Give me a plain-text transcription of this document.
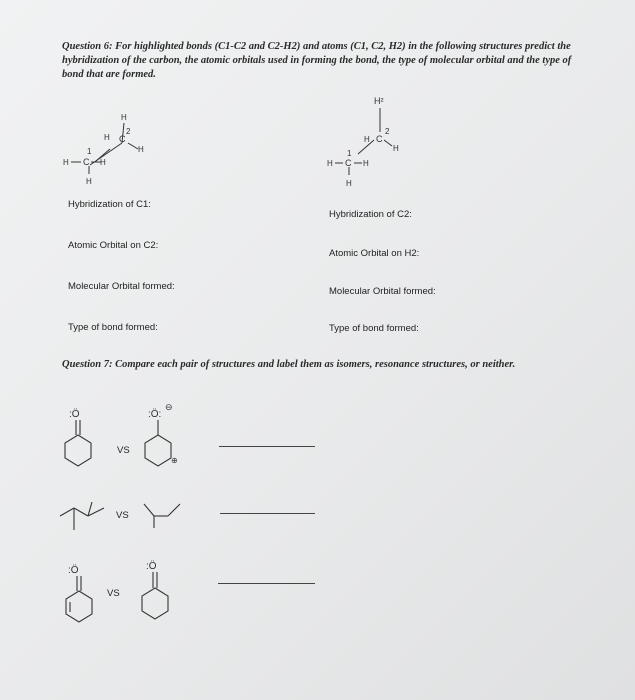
Question 6: For highlighted bonds (C1-C2 and C2-H2) and atoms (C1, C2, H2) in the following structures predict the hybridization of the carbon, the atomic orbitals used in forming the bond, the type of molecular orbital and the type of bond that are formed.
H
H C
2
H
H C
1
H
H
H²
H C
2
H
H C
1
H
H
Hybridization of C1:
Atomic Orbital on C2:
Molecular Orbital formed:
Type of bond formed:
Hybridization of C2:
Atomic Orbital on H2:
Molecular Orbital formed:
Type of bond formed:
Question 7: Compare each pair of structures and label them as isomers, resonance structures, or neither.
:Ö
VS
:Ö:
⊖
⊕
VS
:Ö
VS
:Ö
